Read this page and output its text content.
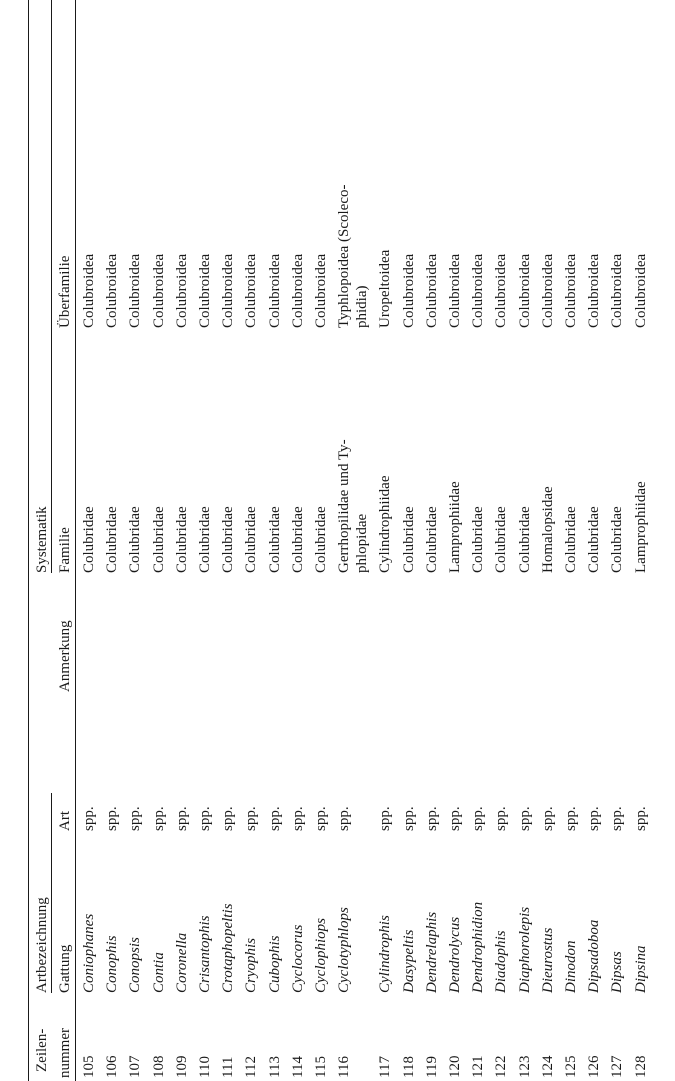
Zeilen- nummer
Artbezeichnung Gattung
Art
Anmerkung
Systematik Familie
Überfamilie
105
Coniophanes
spp.
Colubridae
Colubroidea
106
Conophis
spp.
Colubridae
Colubroidea
107
Conopsis
spp.
Colubridae
Colubroidea
108
Contia
spp.
Colubridae
Colubroidea
109
Coronella
spp.
Colubridae
Colubroidea
110
Crisantophis
spp.
Colubridae
Colubroidea
111
Crotaphopeltis
spp.
Colubridae
Colubroidea
112
Cryophis
spp.
Colubridae
Colubroidea
113
Cubophis
spp.
Colubridae
Colubroidea
114
Cyclocorus
spp.
Colubridae
Colubroidea
115
Cyclophiops
spp.
Colubridae
Colubroidea
116
Cyclotyphlops
spp.
Gerrhopilidae und Ty-
Typhlopoidea (Scoleco-
phlopidae
phidia)
117
Cylindrophis
spp.
Cylindrophiidae
Uropeltoidea
118
Dasypeltis
spp.
Colubridae
Colubroidea
119
Dendrelaphis
spp.
Colubridae
Colubroidea
120
Dendrolycus
spp.
Lamprophiidae
Colubroidea
121
Dendrophidion
spp.
Colubridae
Colubroidea
122
Diadophis
spp.
Colubridae
Colubroidea
123
Diaphorolepis
spp.
Colubridae
Colubroidea
124
Dieurostus
spp.
Homalopsidae
Colubroidea
125
Dinodon
spp.
Colubridae
Colubroidea
126
Dipsadoboa
spp.
Colubridae
Colubroidea
127
Dipsas
spp.
Colubridae
Colubroidea
128
Dipsina
spp.
Lamprophiidae
Colubroidea
